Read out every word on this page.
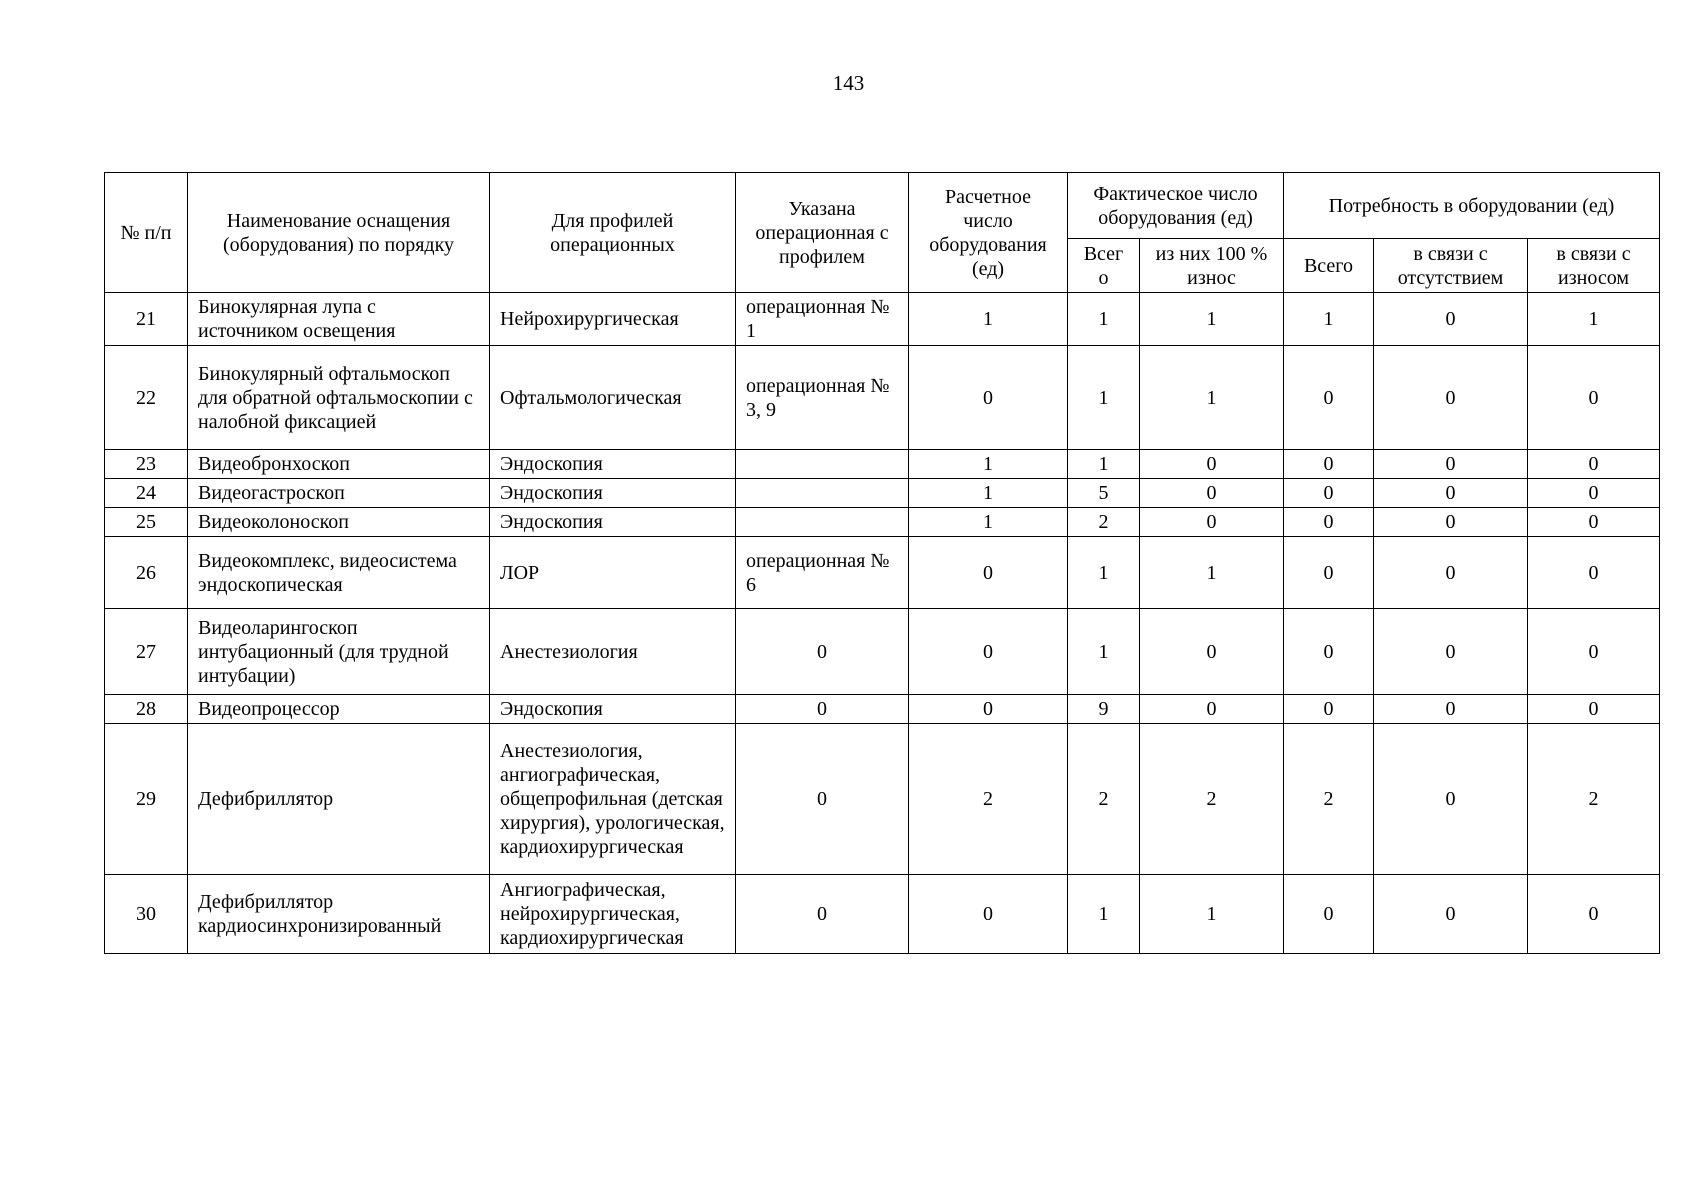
143
№ п/п	Наименование оснащения (оборудования) по порядку	Для профилей операционных	Указана операционная с профилем	Расчетное число оборудования (ед)	Фактическое число оборудования (ед)		Потребность в оборудовании (ед)		
					Всег о	из них 100 % износ	Всего	в связи с отсутствием	в связи с износом
21	Бинокулярная лупа с источником освещения	Нейрохирургическая	операционная № 1	1	1	1	1	0	1
22	Бинокулярный офтальмоскоп для обратной офтальмоскопии с налобной фиксацией	Офтальмологическая	операционная № 3, 9	0	1	1	0	0	0
23	Видеобронхоскоп	Эндоскопия		1	1	0	0	0	0
24	Видеогастроскоп	Эндоскопия		1	5	0	0	0	0
25	Видеоколоноскоп	Эндоскопия		1	2	0	0	0	0
26	Видеокомплекс, видеосистема эндоскопическая	ЛОР	операционная № 6	0	1	1	0	0	0
27	Видеоларингоскоп интубационный (для трудной интубации)	Анестезиология	0	0	1	0	0	0	0
28	Видеопроцессор	Эндоскопия	0	0	9	0	0	0	0
29	Дефибриллятор	Анестезиология, ангиографическая, общепрофильная (детская хирургия), урологическая, кардиохирургическая	0	2	2	2	2	0	2
30	Дефибриллятор кардиосинхронизированный	Ангиографическая, нейрохирургическая, кардиохирургическая	0	0	1	1	0	0	0
